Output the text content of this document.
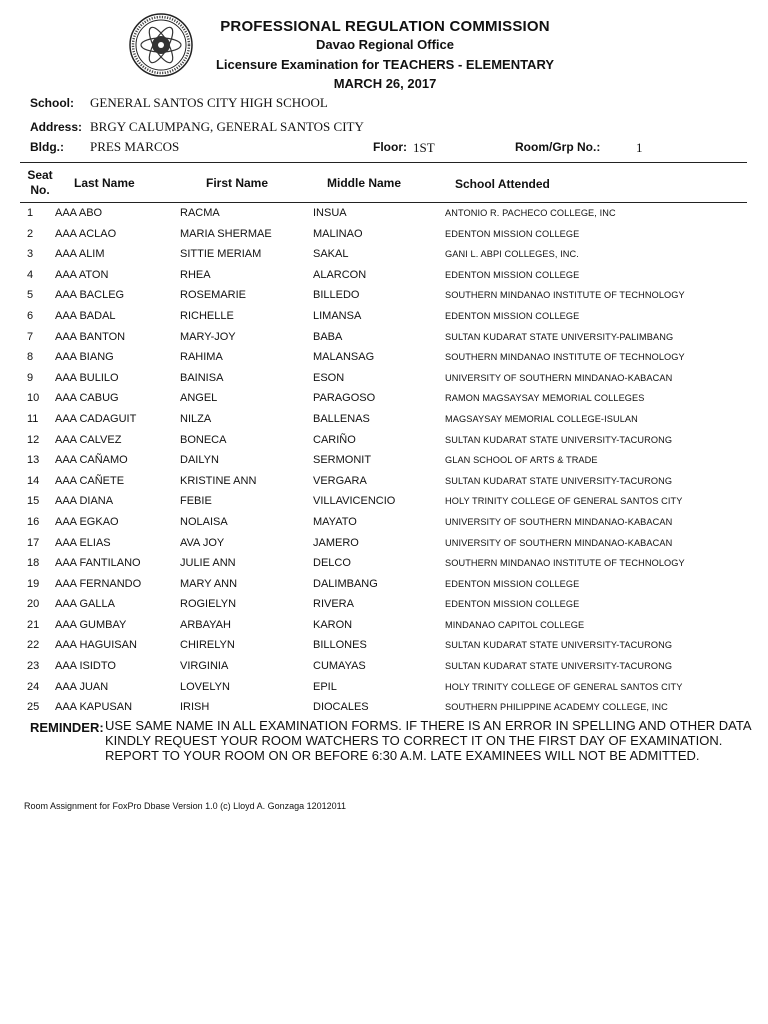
PROFESSIONAL REGULATION COMMISSION
Davao Regional Office
Licensure Examination for TEACHERS - ELEMENTARY
MARCH 26, 2017
School: GENERAL SANTOS CITY HIGH SCHOOL
Address: BRGY CALUMPANG, GENERAL SANTOS CITY
Bldg.: PRES MARCOS	Floor: 1ST	Room/Grp No.:	1
Seat
No.	Last Name	First Name	Middle Name	School Attended
1 AAA ABO	RACMA	INSUA	ANTONIO R. PACHECO COLLEGE, INC
2 AAA ACLAO	MARIA SHERMAE	MALINAO	EDENTON MISSION COLLEGE
3 AAA ALIM	SITTIE MERIAM	SAKAL	GANI L. ABPI COLLEGES, INC.
4 AAA ATON	RHEA	ALARCON	EDENTON MISSION COLLEGE
5 AAA BACLEG	ROSEMARIE	BILLEDO	SOUTHERN MINDANAO INSTITUTE OF TECHNOLOGY
6 AAA BADAL	RICHELLE	LIMANSA	EDENTON MISSION COLLEGE
7 AAA BANTON	MARY-JOY	BABA	SULTAN KUDARAT STATE UNIVERSITY-PALIMBANG
8 AAA BIANG	RAHIMA	MALANSAG	SOUTHERN MINDANAO INSTITUTE OF TECHNOLOGY
9 AAA BULILO	BAINISA	ESON	UNIVERSITY OF SOUTHERN MINDANAO-KABACAN
10 AAA CABUG	ANGEL	PARAGOSO	RAMON MAGSAYSAY MEMORIAL COLLEGES
11 AAA CADAGUIT	NILZA	BALLENAS	MAGSAYSAY MEMORIAL COLLEGE-ISULAN
12 AAA CALVEZ	BONECA	CARIÑO	SULTAN KUDARAT STATE UNIVERSITY-TACURONG
13 AAA CAÑAMO	DAILYN	SERMONIT	GLAN SCHOOL OF ARTS & TRADE
14 AAA CAÑETE	KRISTINE ANN	VERGARA	SULTAN KUDARAT STATE UNIVERSITY-TACURONG
15 AAA DIANA	FEBIE	VILLAVICENCIO	HOLY TRINITY COLLEGE OF GENERAL SANTOS CITY
16 AAA EGKAO	NOLAISA	MAYATO	UNIVERSITY OF SOUTHERN MINDANAO-KABACAN
17 AAA ELIAS	AVA JOY	JAMERO	UNIVERSITY OF SOUTHERN MINDANAO-KABACAN
18 AAA FANTILANO	JULIE ANN	DELCO	SOUTHERN MINDANAO INSTITUTE OF TECHNOLOGY
19 AAA FERNANDO	MARY ANN	DALIMBANG	EDENTON MISSION COLLEGE
20 AAA GALLA	ROGIELYN	RIVERA	EDENTON MISSION COLLEGE
21 AAA GUMBAY	ARBAYAH	KARON	MINDANAO CAPITOL COLLEGE
22 AAA HAGUISAN	CHIRELYN	BILLONES	SULTAN KUDARAT STATE UNIVERSITY-TACURONG
23 AAA ISIDTO	VIRGINIA	CUMAYAS	SULTAN KUDARAT STATE UNIVERSITY-TACURONG
24 AAA JUAN	LOVELYN	EPIL	HOLY TRINITY COLLEGE OF GENERAL SANTOS CITY
25 AAA KAPUSAN	IRISH	DIOCALES	SOUTHERN PHILIPPINE ACADEMY COLLEGE, INC
REMINDER: USE SAME NAME IN ALL EXAMINATION FORMS. IF THERE IS AN ERROR IN SPELLING AND OTHER DATA KINDLY REQUEST YOUR ROOM WATCHERS TO CORRECT IT ON THE FIRST DAY OF EXAMINATION. REPORT TO YOUR ROOM ON OR BEFORE 6:30 A.M. LATE EXAMINEES WILL NOT BE ADMITTED.
Room Assignment for FoxPro Dbase Version 1.0 (c) Lloyd A. Gonzaga 12012011
